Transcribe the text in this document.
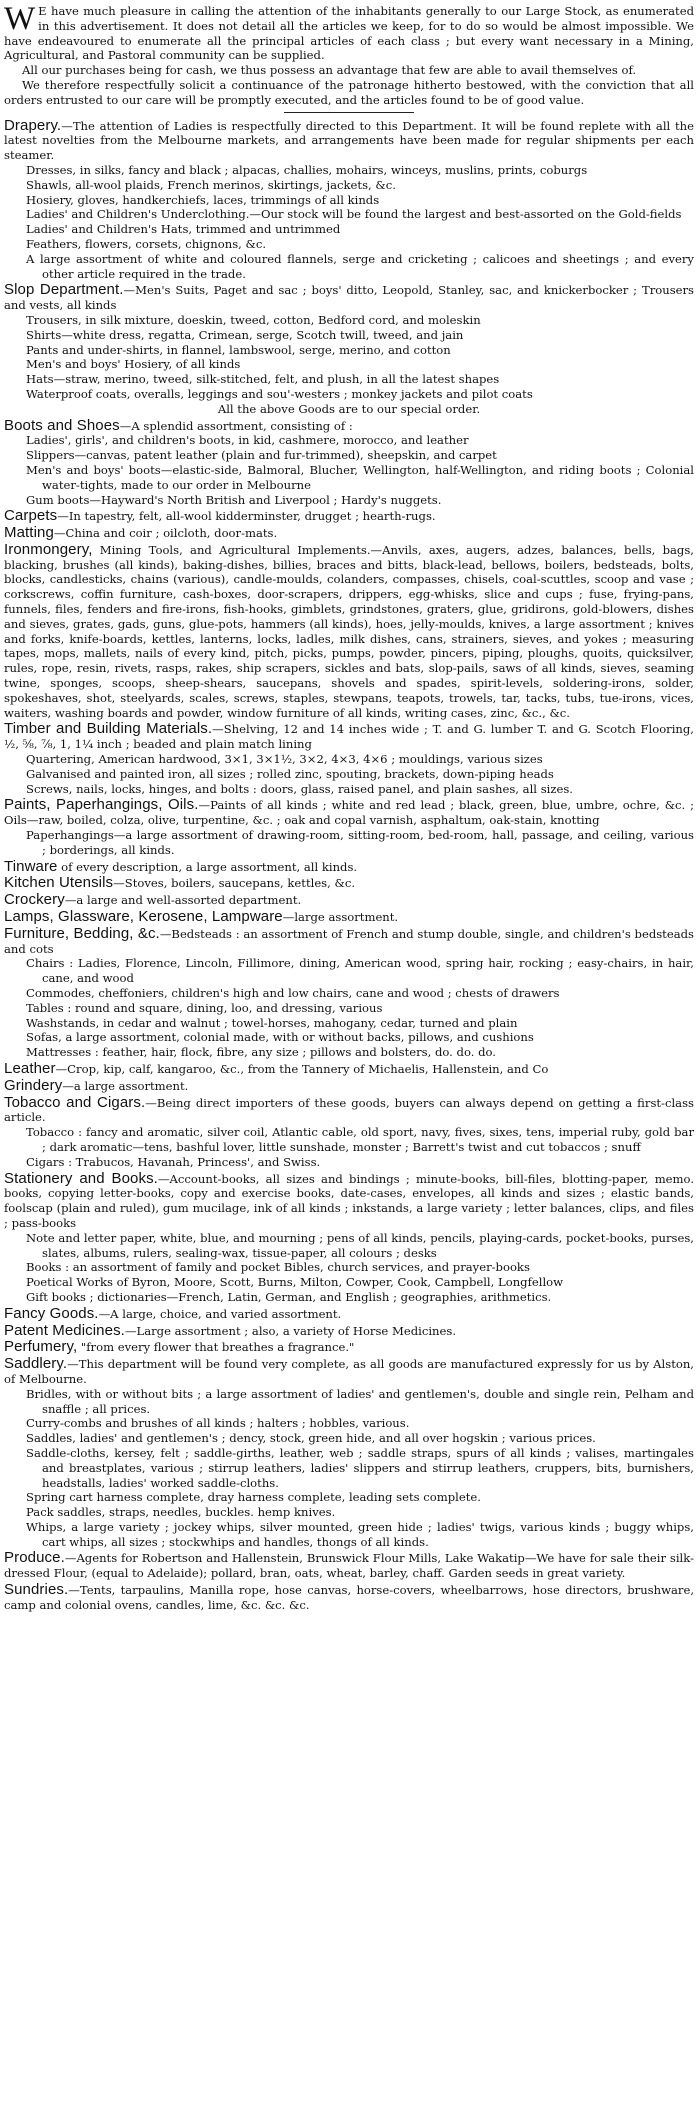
W E have much pleasure in calling the attention of the inhabitants generally to our Large Stock, as enumerated in this advertisement. It does not detail all the articles we keep, for to do so would be almost impossible. We have endeavoured to enumerate all the principal articles of each class ; but every want necessary in a Mining, Agricultural, and Pastoral community can be supplied.

All our purchases being for cash, we thus possess an advantage that few are able to avail themselves of.

We therefore respectfully solicit a continuance of the patronage hitherto bestowed, with the conviction that all orders entrusted to our care will be promptly executed, and the articles found to be of good value.

Drapery.—The attention of Ladies is respectfully directed to this Department. It will be found replete with all the latest novelties from the Melbourne markets, and arrangements have been made for regular shipments per each steamer.

Dresses, in silks, fancy and black ; alpacas, challies, mohairs, winceys, muslins, prints, coburgs

Shawls, all-wool plaids, French merinos, skirtings, jackets, &c.

Hosiery, gloves, handkerchiefs, laces, trimmings of all kinds

Ladies' and Children's Underclothing.—Our stock will be found the largest and best-assorted on the Gold-fields

Ladies' and Children's Hats, trimmed and untrimmed

Feathers, flowers, corsets, chignons, &c.

A large assortment of white and coloured flannels, serge and cricketing ; calicoes and sheetings ; and every other article required in the trade.

Slop Department.—Men's Suits, Paget and sac ; boys' ditto, Leopold, Stanley, sac, and knickerbocker ; Trousers and vests, all kinds

Trousers, in silk mixture, doeskin, tweed, cotton, Bedford cord, and moleskin

Shirts—white dress, regatta, Crimean, serge, Scotch twill, tweed, and jain

Pants and under-shirts, in flannel, lambswool, serge, merino, and cotton

Men's and boys' Hosiery, of all kinds

Hats—straw, merino, tweed, silk-stitched, felt, and plush, in all the latest shapes

Waterproof coats, overalls, leggings and sou'-westers ; monkey jackets and pilot coats

All the above Goods are to our special order.

Boots and Shoes—A splendid assortment, consisting of :

Ladies', girls', and children's boots, in kid, cashmere, morocco, and leather

Slippers—canvas, patent leather (plain and fur-trimmed), sheepskin, and carpet

Men's and boys' boots—elastic-side, Balmoral, Blucher, Wellington, half-Wellington, and riding boots ; Colonial water-tights, made to our order in Melbourne

Gum boots—Hayward's North British and Liverpool ; Hardy's nuggets.

Carpets—In tapestry, felt, all-wool kidderminster, drugget ; hearth-rugs.

Matting—China and coir ; oilcloth, door-mats.

Ironmongery, Mining Tools, and Agricultural Implements.—Anvils, axes, augers, adzes, balances, bells, bags, blacking, brushes (all kinds), baking-dishes, billies, braces and bitts, black-lead, bellows, boilers, bedsteads, bolts, blocks, candlesticks, chains (various), candle-moulds, colanders, compasses, chisels, coal-scuttles, scoop and vase ; corkscrews, coffin furniture, cash-boxes, door-scrapers, drippers, egg-whisks, slice and cups ; fuse, frying-pans, funnels, files, fenders and fire-irons, fish-hooks, gimblets, grindstones, graters, glue, gridirons, gold-blowers, dishes and sieves, grates, gads, guns, glue-pots, hammers (all kinds), hoes, jelly-moulds, knives, a large assortment ; knives and forks, knife-boards, kettles, lanterns, locks, ladles, milk dishes, cans, strainers, sieves, and yokes ; measuring tapes, mops, mallets, nails of every kind, pitch, picks, pumps, powder, pincers, piping, ploughs, quoits, quicksilver, rules, rope, resin, rivets, rasps, rakes, ship scrapers, sickles and bats, slop-pails, saws of all kinds, sieves, seaming twine, sponges, scoops, sheep-shears, saucepans, shovels and spades, spirit-levels, soldering-irons, solder, spokeshaves, shot, steelyards, scales, screws, staples, stewpans, teapots, trowels, tar, tacks, tubs, tue-irons, vices, waiters, washing boards and powder, window furniture of all kinds, writing cases, zinc, &c., &c.

Timber and Building Materials.—Shelving, 12 and 14 inches wide ; T. and G. lumber T. and G. Scotch Flooring, ½, ⅝, ⅞, 1, 1¼ inch ; beaded and plain match lining

Quartering, American hardwood, 3×1, 3×1½, 3×2, 4×3, 4×6 ; mouldings, various sizes

Galvanised and painted iron, all sizes ; rolled zinc, spouting, brackets, down-piping heads

Screws, nails, locks, hinges, and bolts : doors, glass, raised panel, and plain sashes, all sizes.

Paints, Paperhangings, Oils.—Paints of all kinds ; white and red lead ; black, green, blue, umbre, ochre, &c. ; Oils—raw, boiled, colza, olive, turpentine, &c. ; oak and copal varnish, asphaltum, oak-stain, knotting

Paperhangings—a large assortment of drawing-room, sitting-room, bed-room, hall, passage, and ceiling, various ; borderings, all kinds.

Tinware of every description, a large assortment, all kinds.

Kitchen Utensils—Stoves, boilers, saucepans, kettles, &c.

Crockery—a large and well-assorted department.

Lamps, Glassware, Kerosene, Lampware—large assortment.

Furniture, Bedding, &c.—Bedsteads : an assortment of French and stump double, single, and children's bedsteads and cots

Chairs : Ladies, Florence, Lincoln, Fillimore, dining, American wood, spring hair, rocking ; easy-chairs, in hair, cane, and wood

Commodes, cheffoniers, children's high and low chairs, cane and wood ; chests of drawers

Tables : round and square, dining, loo, and dressing, various

Washstands, in cedar and walnut ; towel-horses, mahogany, cedar, turned and plain

Sofas, a large assortment, colonial made, with or without backs, pillows, and cushions

Mattresses : feather, hair, flock, fibre, any size ; pillows and bolsters, do. do. do.

Leather—Crop, kip, calf, kangaroo, &c., from the Tannery of Michaelis, Hallenstein, and Co

Grindery—a large assortment.

Tobacco and Cigars.—Being direct importers of these goods, buyers can always depend on getting a first-class article.

Tobacco : fancy and aromatic, silver coil, Atlantic cable, old sport, navy, fives, sixes, tens, imperial ruby, gold bar ; dark aromatic—tens, bashful lover, little sunshade, monster ; Barrett's twist and cut tobaccos ; snuff

Cigars : Trabucos, Havanah, Princess', and Swiss.

Stationery and Books.—Account-books, all sizes and bindings ; minute-books, bill-files, blotting-paper, memo. books, copying letter-books, copy and exercise books, date-cases, envelopes, all kinds and sizes ; elastic bands, foolscap (plain and ruled), gum mucilage, ink of all kinds ; inkstands, a large variety ; letter balances, clips, and files ; pass-books

Note and letter paper, white, blue, and mourning ; pens of all kinds, pencils, playing-cards, pocket-books, purses, slates, albums, rulers, sealing-wax, tissue-paper, all colours ; desks

Books : an assortment of family and pocket Bibles, church services, and prayer-books

Poetical Works of Byron, Moore, Scott, Burns, Milton, Cowper, Cook, Campbell, Longfellow

Gift books ; dictionaries—French, Latin, German, and English ; geographies, arithmetics.

Fancy Goods.—A large, choice, and varied assortment.

Patent Medicines.—Large assortment ; also, a variety of Horse Medicines.

Perfumery, "from every flower that breathes a fragrance."

Saddlery.—This department will be found very complete, as all goods are manufactured expressly for us by Alston, of Melbourne.

Bridles, with or without bits ; a large assortment of ladies' and gentlemen's, double and single rein, Pelham and snaffle ; all prices.

Curry-combs and brushes of all kinds ; halters ; hobbles, various.

Saddles, ladies' and gentlemen's ; dency, stock, green hide, and all over hogskin ; various prices.

Saddle-cloths, kersey, felt ; saddle-girths, leather, web ; saddle straps, spurs of all kinds ; valises, martingales and breastplates, various ; stirrup leathers, ladies' slippers and stirrup leathers, cruppers, bits, burnishers, headstalls, ladies' worked saddle-cloths.

Spring cart harness complete, dray harness complete, leading sets complete.

Pack saddles, straps, needles, buckles. hemp knives.

Whips, a large variety ; jockey whips, silver mounted, green hide ; ladies' twigs, various kinds ; buggy whips, cart whips, all sizes ; stockwhips and handles, thongs of all kinds.

Produce.—Agents for Robertson and Hallenstein, Brunswick Flour Mills, Lake Wakatip—We have for sale their silk-dressed Flour, (equal to Adelaide); pollard, bran, oats, wheat, barley, chaff. Garden seeds in great variety.

Sundries.—Tents, tarpaulins, Manilla rope, hose canvas, horse-covers, wheelbarrows, hose directors, brushware, camp and colonial ovens, candles, lime, &c. &c. &c.
